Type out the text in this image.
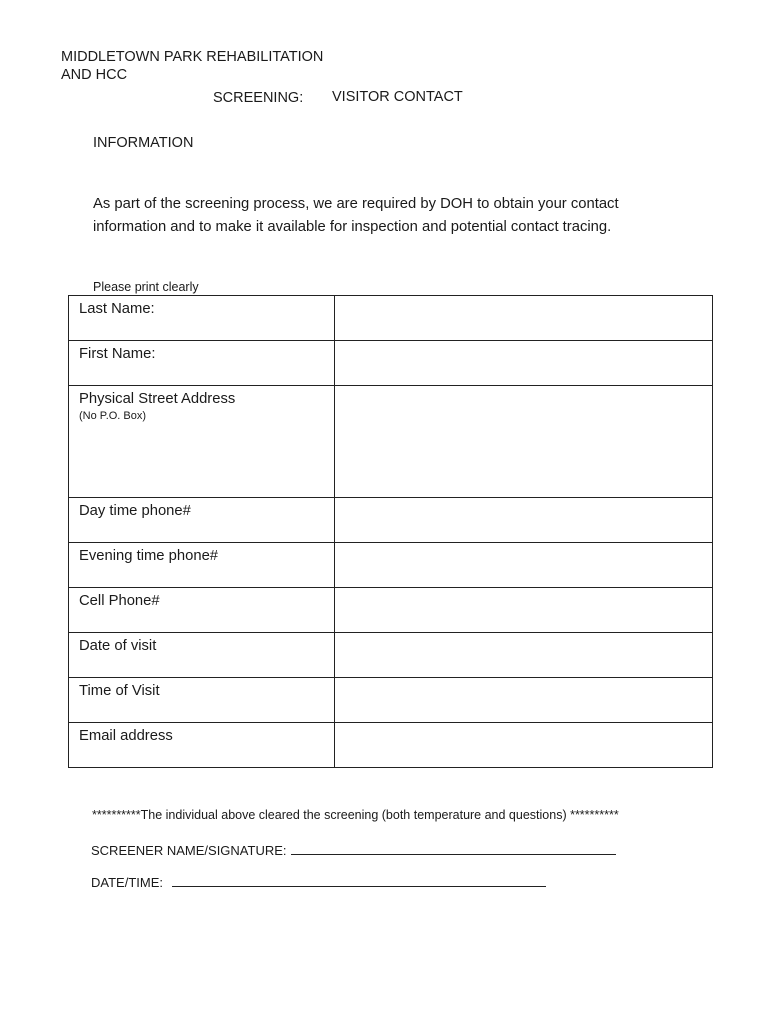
MIDDLETOWN PARK REHABILITATION
AND HCC
SCREENING: VISITOR CONTACT
INFORMATION
As part of the screening process, we are required by DOH to obtain your contact
information and to make it available for inspection and potential contact tracing.
Please print clearly
Last Name:	
First Name:	
Physical Street Address
(No P.O. Box)	

Day time phone#	
Evening time phone#	
Cell Phone#	
Date of visit	
Time of Visit	
Email address	
**********The individual above cleared the screening (both temperature and questions) **********
SCREENER NAME/SIGNATURE:
DATE/TIME:
